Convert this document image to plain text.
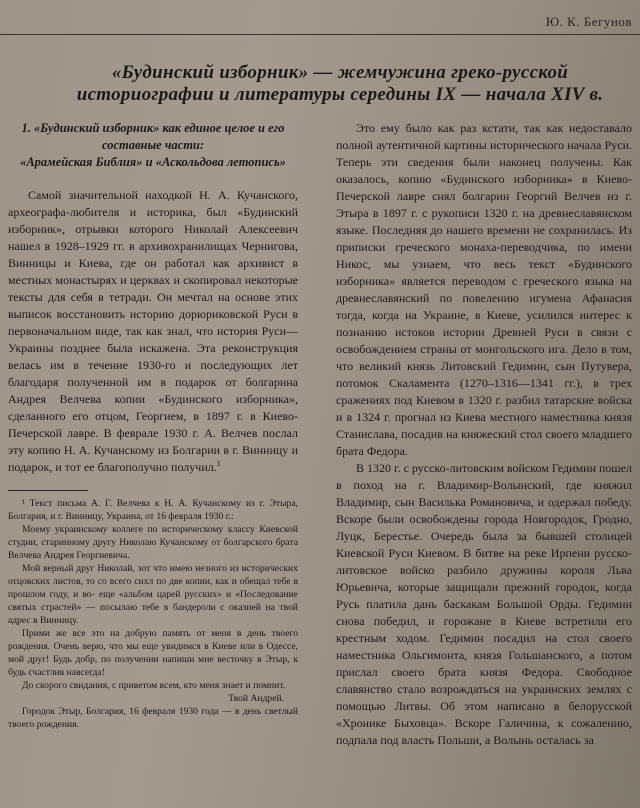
Ю. К. Бегунов
«Будинский изборник» — жемчужина греко-русской историографии и литературы середины IX — начала XIV в.
1. «Будинский изборник» как единое целое и его составные части:
«Арамейская Библия» и «Аскольдова летопись»

Самой значительной находкой Н. А. Кучанского, археографа-любителя и историка, был «Будинский изборник», отрывки которого Николай Алексеевич нашел в 1928–1929 гг. в архивохранилищах Чернигова, Винницы и Киева, где он работал как архивист в местных монастырях и церквах и скопировал некоторые тексты для себя в тетради. Он мечтал на основе этих выписок восстановить историю дорюриковской Руси в первоначальном виде, так как знал, что история Руси—Украины позднее была искажена. Эта реконструкция велась им в течение 1930-го и последующих лет благодаря полученной им в подарок от болгарина Андрея Велчева копии «Будинского изборника», сделанного его отцом, Георгием, в 1897 г. в Киево-Печерской лавре. В феврале 1930 г. А. Велчев послал эту копию Н. А. Кучанскому из Болгарии в г. Винницу и подарок, и тот ее благополучно получил.$^1$

¹ Текст письма А. Г. Велчева к Н. А. Кучанскому из г. Этыра, Болгария, и г. Винницу, Украина, от 16 февраля 1930 г.:

Моему украинскому коллеге по историческому классу Киевской студии, старинному другу Николаю Кучанскому от болгарского брата Велчева Андрея Георгиевича.

Мой верный друг Николай, зот что имею незного из исторических отцовских листов, то со всего сихл по две копии, как и обещал тебе в прошлом году, и во- еще «альбом царей русских» и «Последование святых страстей» — посылаю тебе в бандероли с оказией на твой адрес в Винницу.

Прими же все это на добрую память от меня в день твоего рождения. Очень верю, что мы еще увидимся в Киеве или в Одессе, мой друг! Будь добр, по получении напиши мне весточку в Этыр, к будь счастлив навсегда!

До скорого свидания, с приветом всем, кто меня знает и помнит.

Твой Андрей.

Городок Этыр, Болгария, 16 февраля 1930 года — в день светлый твоего рождения.

Это ему было как раз кстати, так как недоставало полной аутентичной картины исторического начала Руси. Теперь эти сведения были наконец получены. Как оказалось, копию «Будинского изборника» в Киево-Печерской лавре снял болгарин Георгий Велчев из г. Этыра в 1897 г. с рукописи 1320 г. на древнеславянском языке. Последняя до нашего времени не сохранилась. Из приписки греческого монаха-переводчика, по имени Никос, мы узнаем, что весь текст «Будинского изборника» является переводом с греческого языка на древнеславянский по повелению игумена Афанасия тогда, когда на Украине, в Киеве, усилился интерес к познанию истоков истории Древней Руси в связи с освобождением страны от монгольского ига. Дело в том, что великий князь Литовский Гедимин, сын Путувера, потомок Скаламента (1270–1316—1341 гг.), в трех сражениях под Киевом в 1320 г. разбил татарские войска и в 1324 г. прогнал из Киева местного наместника князя Станислава, посадив на княжеский стол своего младшего брата Федора.

В 1320 г. с русско-литовским войском Гедимин пошел в поход на г. Владимир-Волынский, где княжил Владимир, сын Василька Романовича, и одержал победу. Вскоре были освобождены города Новгородок, Гродно, Луцк, Берестье. Очередь была за бывшей столицей Киевской Руси Киевом. В битве на реке Ирпени русско-литовское войско разбило дружины короля Льва Юрьевича, которые защищали прежний городок, когда Русь платила дань баскакам Большой Орды. Гедимин снова победил, и горожане в Киеве встретили его крестным ходом. Гедимин посадил на стол своего наместника Ольгимонта, князя Гольшанского, а потом прислал своего брата князя Федора. Свободное славянство стало возрождаться на украинских землях с помощью Литвы. Об этом написано в белорусской «Хронике Быховца». Вскоре Галичина, к сожалению, подпала под власть Польши, а Волынь осталась за
